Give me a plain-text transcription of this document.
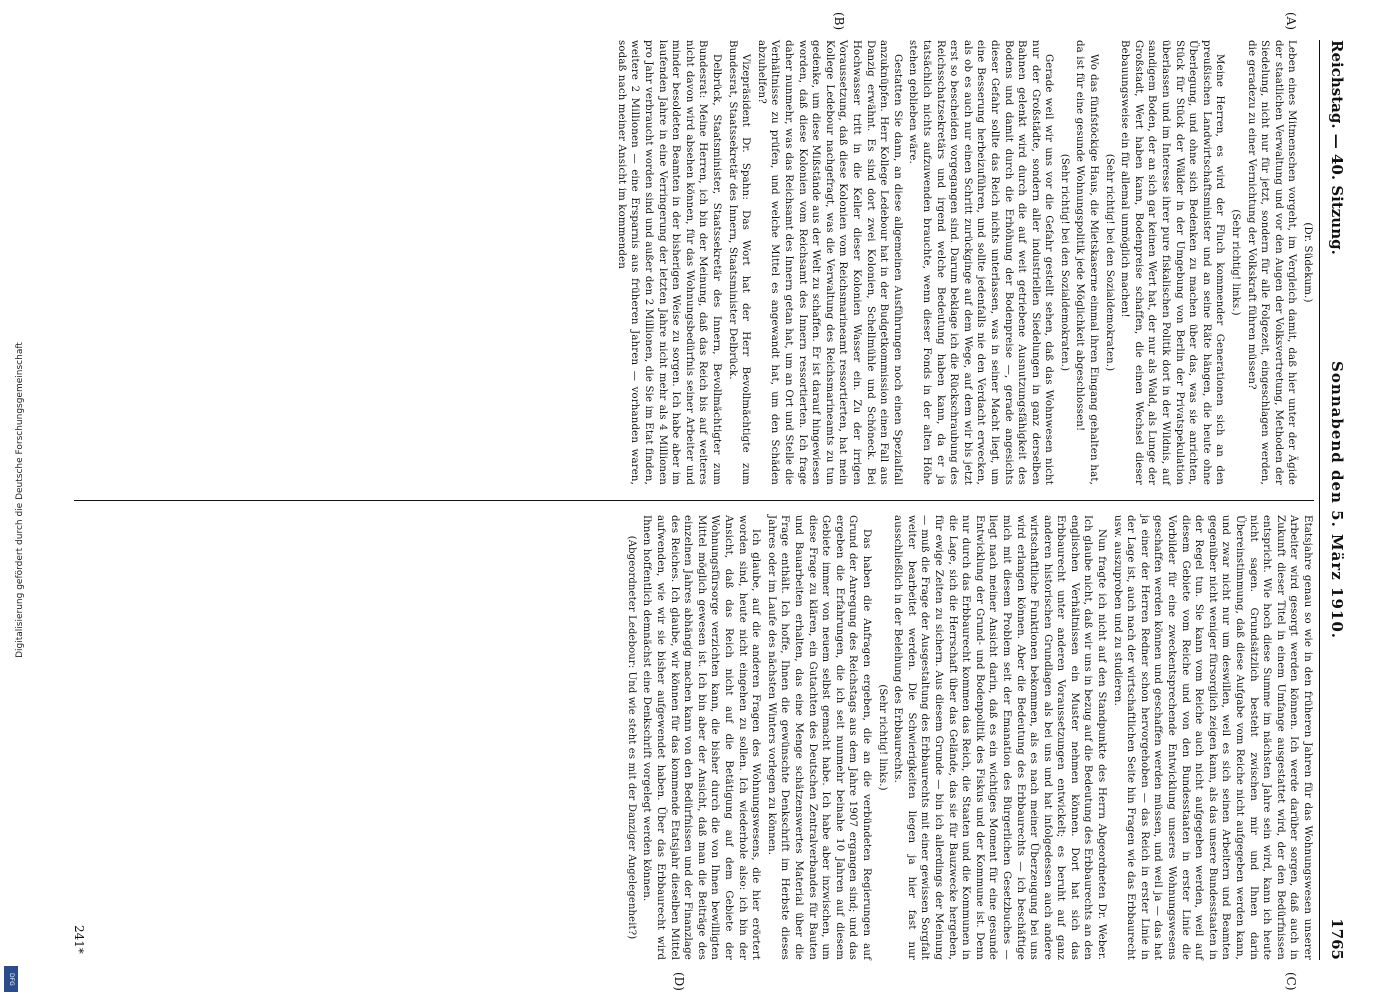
Digitalisierung gefördert durch die Deutsche Forschungsgemeinschaft
DFG
Reichstag. — 40. Sitzung.
Sonnabend den 5. März 1910.
1765
(A)
(B)
(C)
(D)

(Dr. Südekum.)

Leben eines Mitmenschen vorgeht, im Vergleich damit, daß hier unter der Ägide der staatlichen Verwaltung und vor den Augen der Volksvertretung, Methoden der Siedelung, nicht nur für jetzt, sondern für alle Folgezeit, eingeschlagen werden, die geradezu zu einer Vernichtung der Volkskraft führen müssen?

(Sehr richtig! links.)

Meine Herren, es wird der Fluch kommender Generationen sich an den preußischen Landwirtschaftsminister und an seine Räte hängen, die heute ohne Überlegung, und ohne sich Bedenken zu machen über das, was sie anrichten, Stück für Stück der Wälder in der Umgebung von Berlin der Privatspekulation überlassen und im Interesse ihrer pure fiskalischen Politik dort in der Wildnis, auf sandigem Boden, der an sich gar keinen Wert hat, der nur als Wald, als Lunge der Großstadt, Wert haben kann, Bodenpreise schaffen, die einen Wechsel dieser Bebauungsweise ein für allemal unmöglich machen!

(Sehr richtig! bei den Sozialdemokraten.)

Wo das fünfstöckige Haus, die Mietskaserne einmal ihren Eingang gehalten hat, da ist für eine gesunde Wohnungspolitik jede Möglichkeit abgeschlossen!

(Sehr richtig! bei den Sozialdemokraten.)

Gerade weil wir uns vor die Gefahr gestellt sehen, daß das Wohnwesen nicht nur der Großstädte, sondern aller industriellen Siedelungen in ganz derselben Bahnen gelenkt wird durch die auf weit getriebene Ausnutzungsfähigkeit des Bodens und damit durch die Erhöhung der Bodenpreise —, gerade angesichts dieser Gefahr sollte das Reich nichts unterlassen, was in seiner Macht liegt, um eine Besserung herbeizuführen, und sollte jedenfalls nie den Verdacht erwecken, als ob es auch nur einen Schritt zurückginge auf dem Wege, auf dem wir bis jetzt erst so bescheiden vorgegangen sind. Darum beklage ich die Rückschraubung des Reichsschatzsekretärs und irgend welche Bedeutung haben kann, da er ja tatsächlich nichts aufzuwenden brauchte, wenn dieser Fonds in der alten Höhe stehen geblieben wäre.

Gestatten Sie dann, an diese allgemeinen Ausführungen noch einen Spezialfall anzuknüpfen. Herr Kollege Ledebour hat in der Budgetkommission einen Fall aus Danzig erwähnt. Es sind dort zwei Kolonien, Schellmühle und Schöneck. Bei Hochwasser tritt in die Keller dieser Kolonien Wasser ein. Zu der irrigen Voraussetzung, daß diese Kolonien vom Reichsmarineamt ressortierten, hat mein Kollege Ledebour nachgefragt, was die Verwaltung des Reichsmarineamts zu tun gedenke, um diese Mißstände aus der Welt zu schaffen. Er ist darauf hingewiesen worden, daß diese Kolonien vom Reichsamt des Innern ressortierten. Ich frage daher nunmehr, was das Reichsamt des Innern getan hat, um an Ort und Stelle die Verhältnisse zu prüfen, und welche Mittel es angewandt hat, um den Schäden abzuhelfen?

Vizepräsident Dr. Spahn: Das Wort hat der Herr Bevollmächtigte zum Bundesrat, Staatssekretär des Innern, Staatsminister Delbrück.

Delbrück, Staatsminister, Staatssekretär des Innern, Bevollmächtigter zum Bundesrat: Meine Herren, ich bin der Meinung, daß das Reich bis auf weiteres nicht davon wird absehen können, für das Wohnungsbedürfnis seiner Arbeiter und minder besoldeten Beamten in der bisherigen Weise zu sorgen. Ich habe aber im laufenden Jahre in eine Verringerung der letzten Jahre nicht mehr als 4 Millionen pro Jahr verbraucht worden sind und außer den 2 Millionen, die Sie im Etat finden, weitere 2 Millionen — eine Ersparnis aus früheren Jahren — vorhanden waren, sodaß nach meiner Ansicht im kommenden

Etatsjahre genau so wie in den früheren Jahren für das Wohnungswesen unserer Arbeiter wird gesorgt werden können. Ich werde darüber sorgen, daß auch in Zukunft dieser Titel in einem Umfange ausgestattet wird, der den Bedürfnissen entspricht. Wie hoch diese Summe im nächsten Jahre sein wird, kann ich heute nicht sagen. Grundsätzlich besteht zwischen mir und Ihnen darin Übereinstimmung, daß diese Aufgabe vom Reiche nicht aufgegeben werden kann, und zwar nicht nur um deswillen, weil es sich seinen Arbeitern und Beamten gegenüber nicht weniger fürsorglich zeigen kann, als das unsere Bundesstaaten in der Regel tun. Sie kann vom Reiche auch nicht aufgegeben werden, weil auf diesem Gebiete vom Reiche und von den Bundesstaaten in erster Linie die Vorbilder für eine zweckentsprechende Entwicklung unseres Wohnungswesens geschaffen werden können und geschaffen werden müssen, und weil ja — das hat ja einer der Herren Redner schon hervorgehoben — das Reich in erster Linie in der Lage ist, auch nach der wirtschaftlichen Seite hin Fragen wie das Erbbaurecht usw. auszuproben und zu studieren.

Nun fragte ich nicht auf den Standpunkte des Herrn Abgeordneten Dr. Weber. Ich glaube nicht, daß wir uns in bezug auf die Bedeutung des Erbbaurechts an den englischen Verhältnissen ein Muster nehmen können. Dort hat sich das Erbbaurecht unter anderen Voraussetzungen entwickelt; es beruht auf ganz anderen historischen Grundlagen als bei uns und hat infolgedessen auch andere wirtschaftliche Funktionen bekommen, als es nach meiner Überzeugung bei uns wird erlangen können. Aber die Bedeutung des Erbbaurechts — ich beschäftige mich mit diesem Problem seit der Emanation des Bürgerlichen Gesetzbuches — liegt nach meiner Ansicht darin, daß es ein wichtiges Moment für eine gesunde Entwicklung der Grund- und Bodenpolitik des Fiskus und der Kommune ist. Denn nur durch das Erbbaurecht kommen das Reich, die Staaten und die Kommunen in die Lage, sich die Herrschaft über das Gelände, das sie für Bauzwecke hergeben, für ewige Zeiten zu sichern. Aus diesem Grunde — bin ich allerdings der Meinung — muß die Frage der Ausgestaltung des Erbbaurechts mit einer gewissen Sorgfalt weiter bearbeitet werden. Die Schwierigkeiten liegen ja hier fast nur ausschließlich in der Beleihung des Erbbaurechts.

(Sehr richtig! links.)

Das haben die Anfragen ergeben, die an die verbündeten Regierungen auf Grund der Anregung des Reichstags aus dem Jahre 1907 ergangen sind; und das ergeben die Erfahrungen, die ich seit nunmehr beinahe 10 Jahren auf diesem Gebiete immer von neuem selbst gemacht habe. Ich habe aber inzwischen, um diese Frage zu klären, ein Gutachten des Deutschen Zentralverbandes für Bauten und Bauarbeiten erhalten, das eine Menge schätzenswertes Material über die Frage enthält. Ich hoffe, Ihnen die gewünschte Denkschrift im Herbste dieses Jahres oder im Laufe des nächsten Winters vorlegen zu können.

Ich glaube, auf die anderen Fragen des Wohnungswesens, die hier erörtert worden sind, heute nicht eingehen zu sollen. Ich wiederhole also: ich bin der Ansicht, daß das Reich nicht auf die Betätigung auf dem Gebiete der Wohnungsfürsorge verzichten kann, die bisher durch die von Ihnen bewilligten Mittel möglich gewesen ist. Ich bin aber der Ansicht, daß man die Beiträge des einzelnen Jahres abhängig machen kann von den Bedürfnissen und der Finanzlage des Reiches. Ich glaube, wir können für das kommende Etatsjahr dieselben Mittel aufwenden, wie wir sie bisher aufgewendet haben. Über das Erbbaurecht wird Ihnen hoffentlich demnächst eine Denkschrift vorgelegt werden können.

(Abgeordneter Ledebour: Und wie steht es mit der Danziger Angelegenheit?)

241*
